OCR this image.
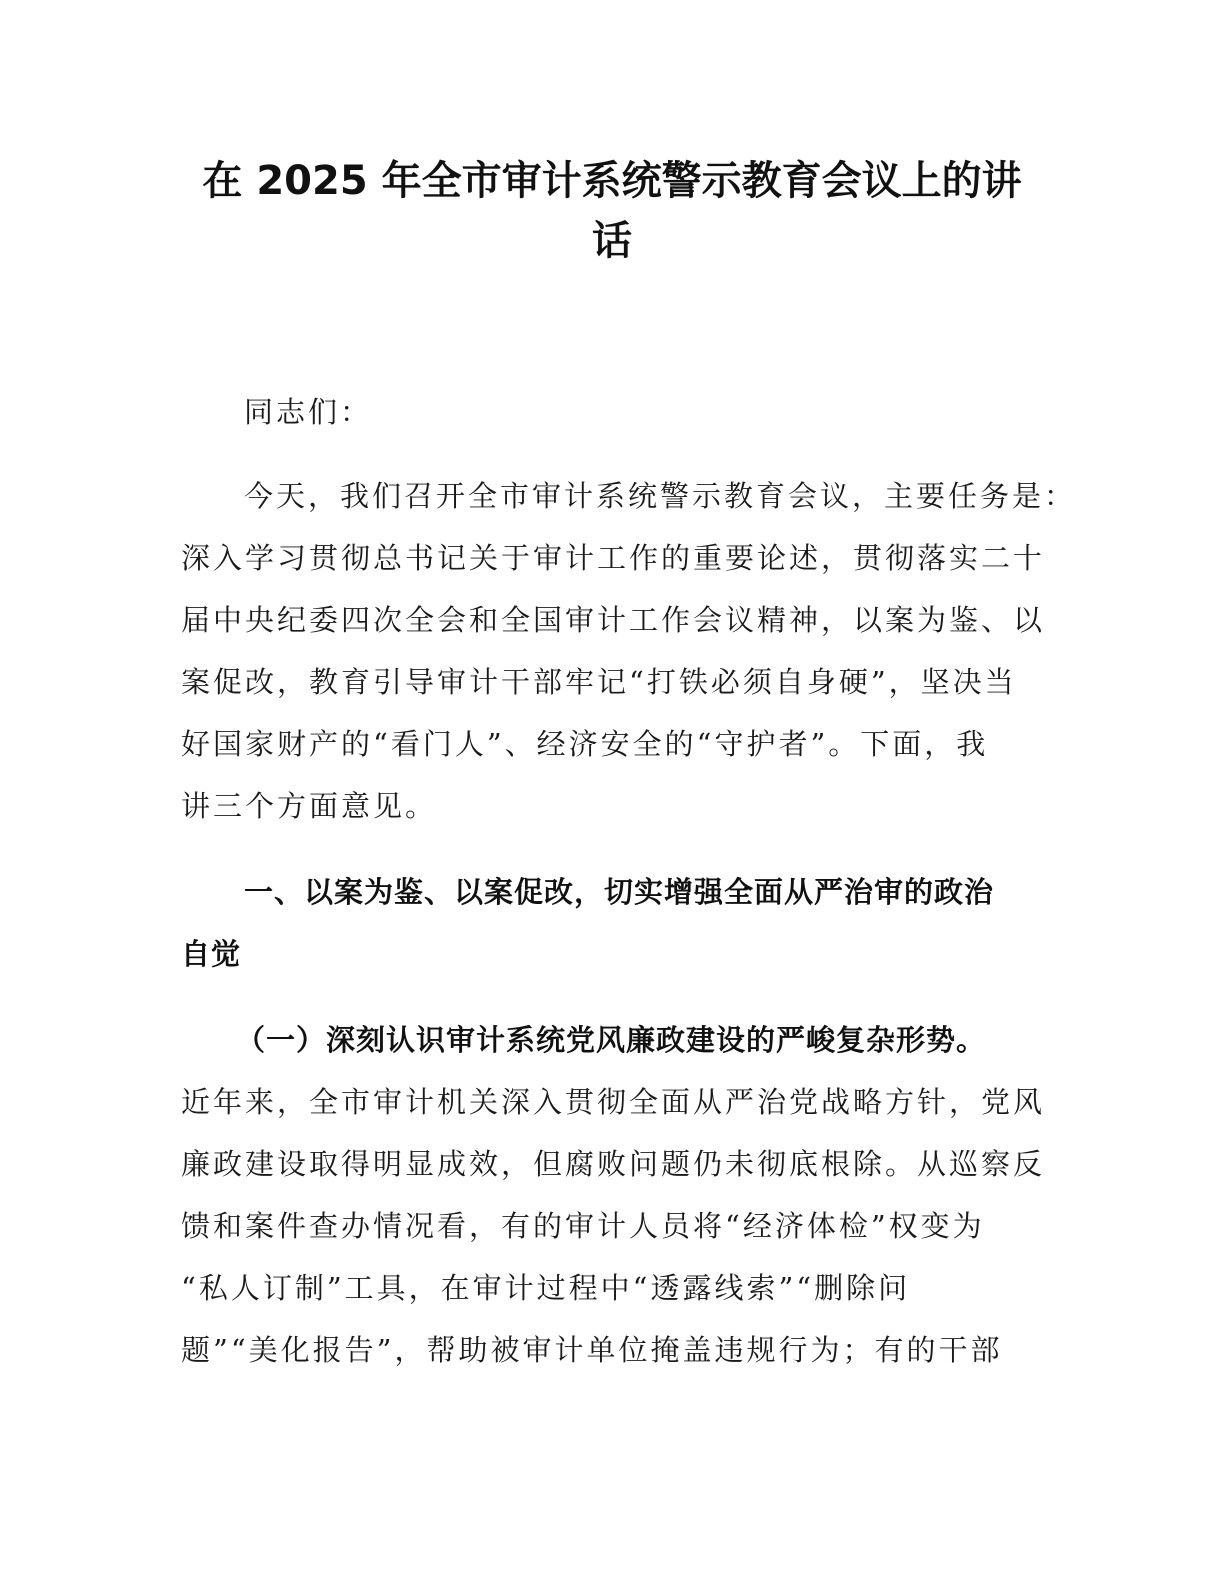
在 2025 年全市审计系统警示教育会议上的讲
话
同志们：
今天，我们召开全市审计系统警示教育会议，主要任务是：
深入学习贯彻总书记关于审计工作的重要论述，贯彻落实二十
届中央纪委四次全会和全国审计工作会议精神，以案为鉴、以
案促改，教育引导审计干部牢记“打铁必须自身硬”，坚决当
好国家财产的“看门人”、经济安全的“守护者”。下面，我
讲三个方面意见。
一、以案为鉴、以案促改，切实增强全面从严治审的政治
自觉
（一）深刻认识审计系统党风廉政建设的严峻复杂形势。
近年来，全市审计机关深入贯彻全面从严治党战略方针，党风
廉政建设取得明显成效，但腐败问题仍未彻底根除。从巡察反
馈和案件查办情况看，有的审计人员将“经济体检”权变为
“私人订制”工具，在审计过程中“透露线索”“删除问
题”“美化报告”，帮助被审计单位掩盖违规行为；有的干部
